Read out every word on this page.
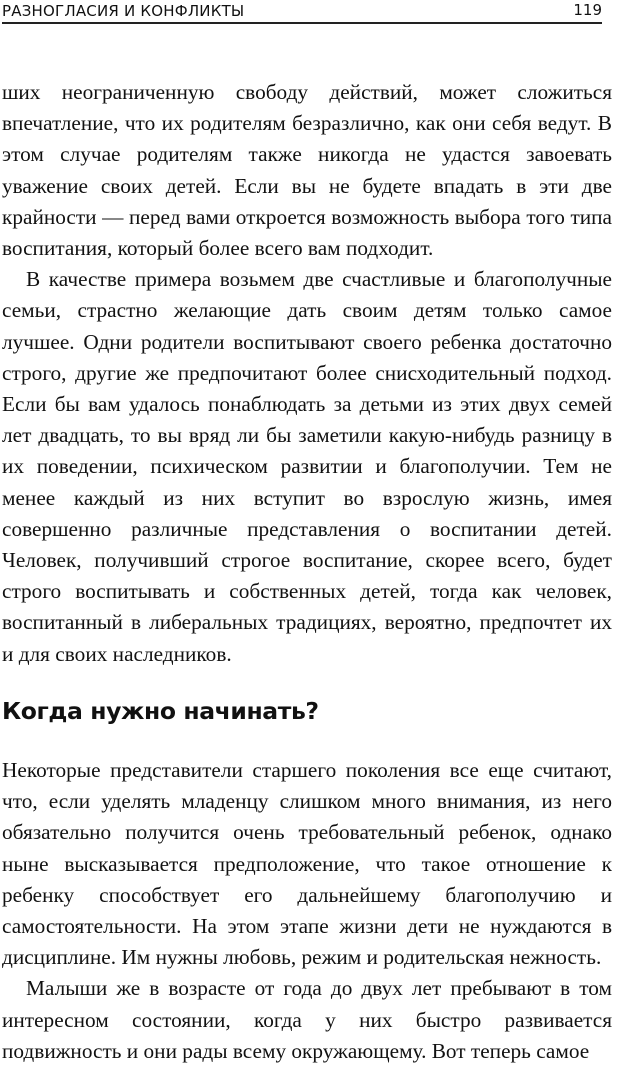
РАЗНОГЛАСИЯ И КОНФЛИКТЫ	119

ших неограниченную свободу действий, может сложиться впечатление, что их родителям безразлично, как они себя ведут. В этом случае родителям также никогда не удастся завоевать уважение своих детей. Если вы не будете впадать в эти две крайности — перед вами откроется возможность выбора того типа воспитания, который более всего вам подходит.

В качестве примера возьмем две счастливые и благополучные семьи, страстно желающие дать своим детям только самое лучшее. Одни родители воспитывают своего ребенка достаточно строго, другие же предпочитают более снисходительный подход. Если бы вам удалось понаблюдать за детьми из этих двух семей лет двадцать, то вы вряд ли бы заметили какую-нибудь разницу в их поведении, психическом развитии и благополучии. Тем не менее каждый из них вступит во взрослую жизнь, имея совершенно различные представления о воспитании детей. Человек, получивший строгое воспитание, скорее всего, будет строго воспитывать и собственных детей, тогда как человек, воспитанный в либеральных традициях, вероятно, предпочтет их и для своих наследников.

Когда нужно начинать?

Некоторые представители старшего поколения все еще считают, что, если уделять младенцу слишком много внимания, из него обязательно получится очень требовательный ребенок, однако ныне высказывается предположение, что такое отношение к ребенку способствует его дальнейшему благополучию и самостоятельности. На этом этапе жизни дети не нуждаются в дисциплине. Им нужны любовь, режим и родительская нежность.

Малыши же в возрасте от года до двух лет пребывают в том интересном состоянии, когда у них быстро развивается подвижность и они рады всему окружающему. Вот теперь самое
